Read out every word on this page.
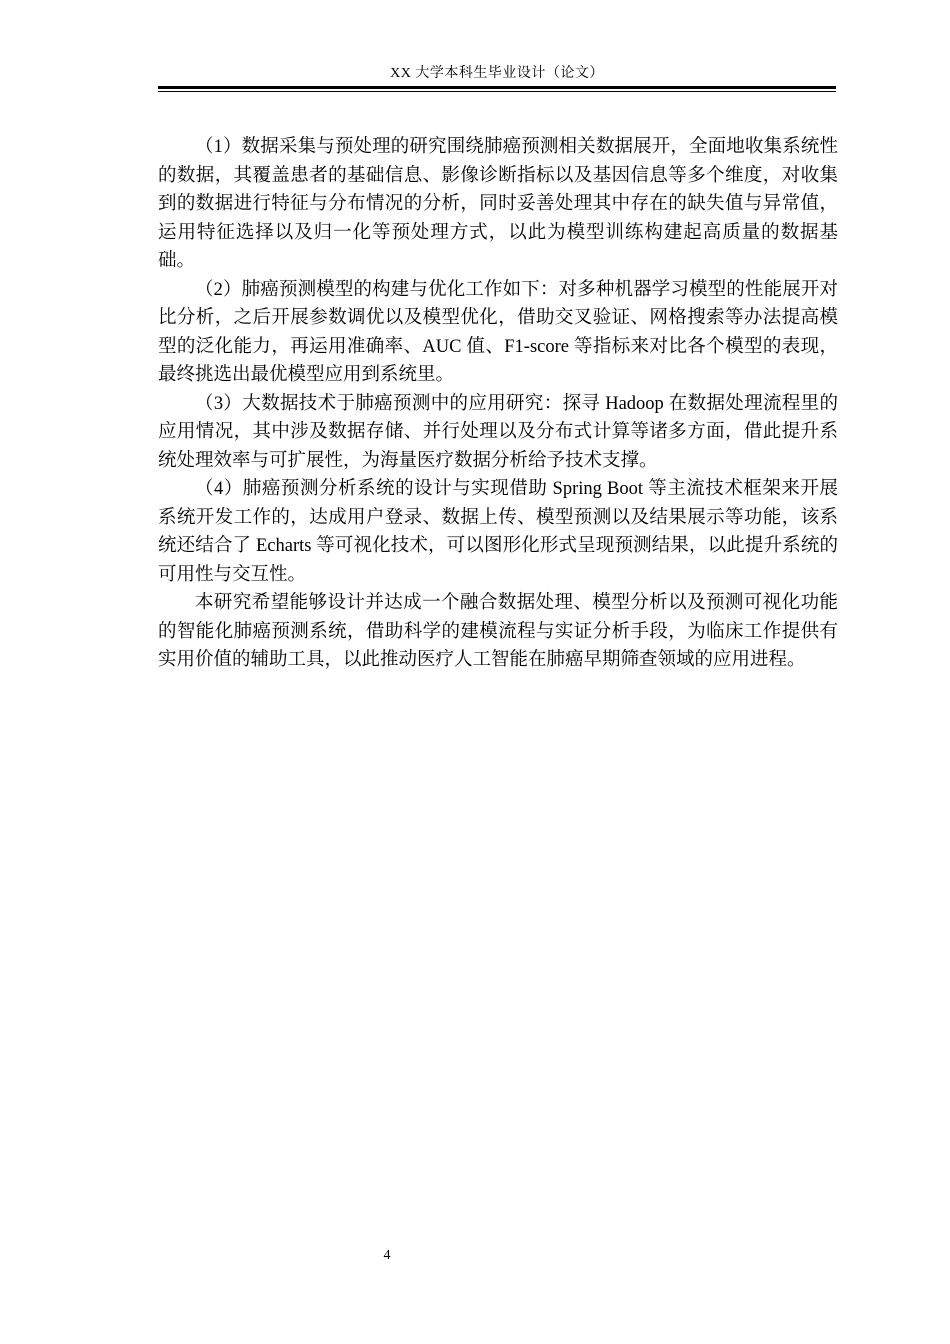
XX 大学本科生毕业设计（论文）

（1）数据采集与预处理的研究围绕肺癌预测相关数据展开，全面地收集系统性的数据，其覆盖患者的基础信息、影像诊断指标以及基因信息等多个维度，对收集到的数据进行特征与分布情况的分析，同时妥善处理其中存在的缺失值与异常值，运用特征选择以及归一化等预处理方式，以此为模型训练构建起高质量的数据基础。

（2）肺癌预测模型的构建与优化工作如下：对多种机器学习模型的性能展开对比分析，之后开展参数调优以及模型优化，借助交叉验证、网格搜索等办法提高模型的泛化能力，再运用准确率、AUC 值、F1-score 等指标来对比各个模型的表现，最终挑选出最优模型应用到系统里。

（3）大数据技术于肺癌预测中的应用研究：探寻 Hadoop 在数据处理流程里的应用情况，其中涉及数据存储、并行处理以及分布式计算等诸多方面，借此提升系统处理效率与可扩展性，为海量医疗数据分析给予技术支撑。

（4）肺癌预测分析系统的设计与实现借助 Spring Boot 等主流技术框架来开展系统开发工作的，达成用户登录、数据上传、模型预测以及结果展示等功能，该系统还结合了 Echarts 等可视化技术，可以图形化形式呈现预测结果，以此提升系统的可用性与交互性。

本研究希望能够设计并达成一个融合数据处理、模型分析以及预测可视化功能的智能化肺癌预测系统，借助科学的建模流程与实证分析手段，为临床工作提供有实用价值的辅助工具，以此推动医疗人工智能在肺癌早期筛查领域的应用进程。

4
